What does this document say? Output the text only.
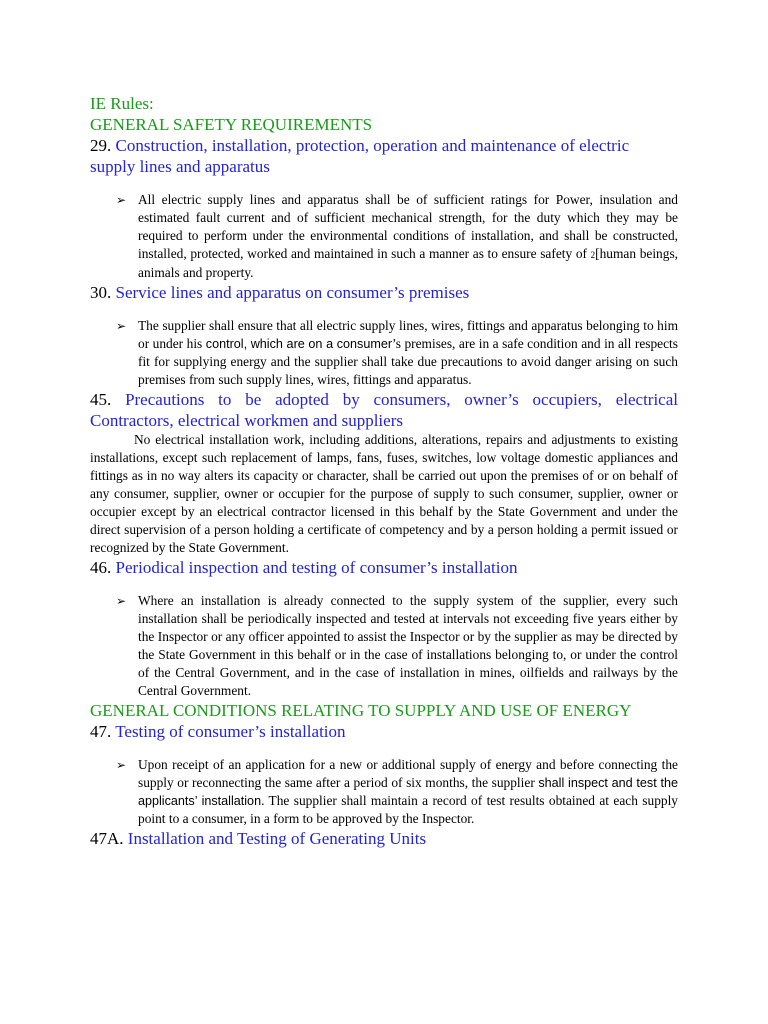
IE Rules:
GENERAL SAFETY REQUIREMENTS
29. Construction, installation, protection, operation and maintenance of electric supply lines and apparatus
➢ All electric supply lines and apparatus shall be of sufficient ratings for Power, insulation and estimated fault current and of sufficient mechanical strength, for the duty which they may be required to perform under the environmental conditions of installation, and shall be constructed, installed, protected, worked and maintained in such a manner as to ensure safety of 2[human beings, animals and property.
30. Service lines and apparatus on consumer’s premises
➢ The supplier shall ensure that all electric supply lines, wires, fittings and apparatus belonging to him or under his control, which are on a consumer’s premises, are in a safe condition and in all respects fit for supplying energy and the supplier shall take due precautions to avoid danger arising on such premises from such supply lines, wires, fittings and apparatus.
45. Precautions to be adopted by consumers, owner’s occupiers, electrical Contractors, electrical workmen and suppliers
No electrical installation work, including additions, alterations, repairs and adjustments to existing installations, except such replacement of lamps, fans, fuses, switches, low voltage domestic appliances and fittings as in no way alters its capacity or character, shall be carried out upon the premises of or on behalf of any consumer, supplier, owner or occupier for the purpose of supply to such consumer, supplier, owner or occupier except by an electrical contractor licensed in this behalf by the State Government and under the direct supervision of a person holding a certificate of competency and by a person holding a permit issued or recognized by the State Government.
46. Periodical inspection and testing of consumer’s installation
➢ Where an installation is already connected to the supply system of the supplier, every such installation shall be periodically inspected and tested at intervals not exceeding five years either by the Inspector or any officer appointed to assist the Inspector or by the supplier as may be directed by the State Government in this behalf or in the case of installations belonging to, or under the control of the Central Government, and in the case of installation in mines, oilfields and railways by the Central Government.
GENERAL CONDITIONS RELATING TO SUPPLY AND USE OF ENERGY
47. Testing of consumer’s installation
➢ Upon receipt of an application for a new or additional supply of energy and before connecting the supply or reconnecting the same after a period of six months, the supplier shall inspect and test the applicants’ installation. The supplier shall maintain a record of test results obtained at each supply point to a consumer, in a form to be approved by the Inspector.
47A. Installation and Testing of Generating Units
